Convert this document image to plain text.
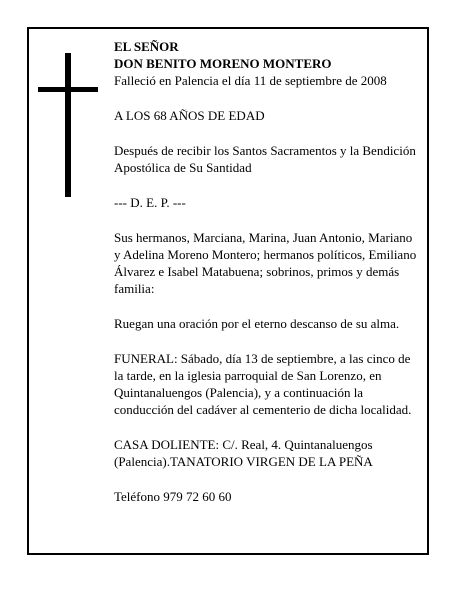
EL SEÑOR

DON BENITO MORENO MONTERO

Falleció en Palencia el día 11 de septiembre de 2008

A LOS 68 AÑOS DE EDAD

Después de recibir los Santos Sacramentos y la Bendición Apostólica de Su Santidad

--- D. E. P. ---

Sus hermanos, Marciana, Marina, Juan Antonio, Mariano y Adelina Moreno Montero; hermanos políticos, Emiliano Álvarez e Isabel Matabuena; sobrinos, primos y demás familia:

Ruegan una oración por el eterno descanso de su alma.

FUNERAL: Sábado, día 13 de septiembre, a las cinco de la tarde, en la iglesia parroquial de San Lorenzo, en Quintanaluengos (Palencia), y a continuación la conducción del cadáver al cementerio de dicha localidad.

CASA DOLIENTE: C/. Real, 4. Quintanaluengos (Palencia).TANATORIO VIRGEN DE LA PEÑA

Teléfono 979 72 60 60
